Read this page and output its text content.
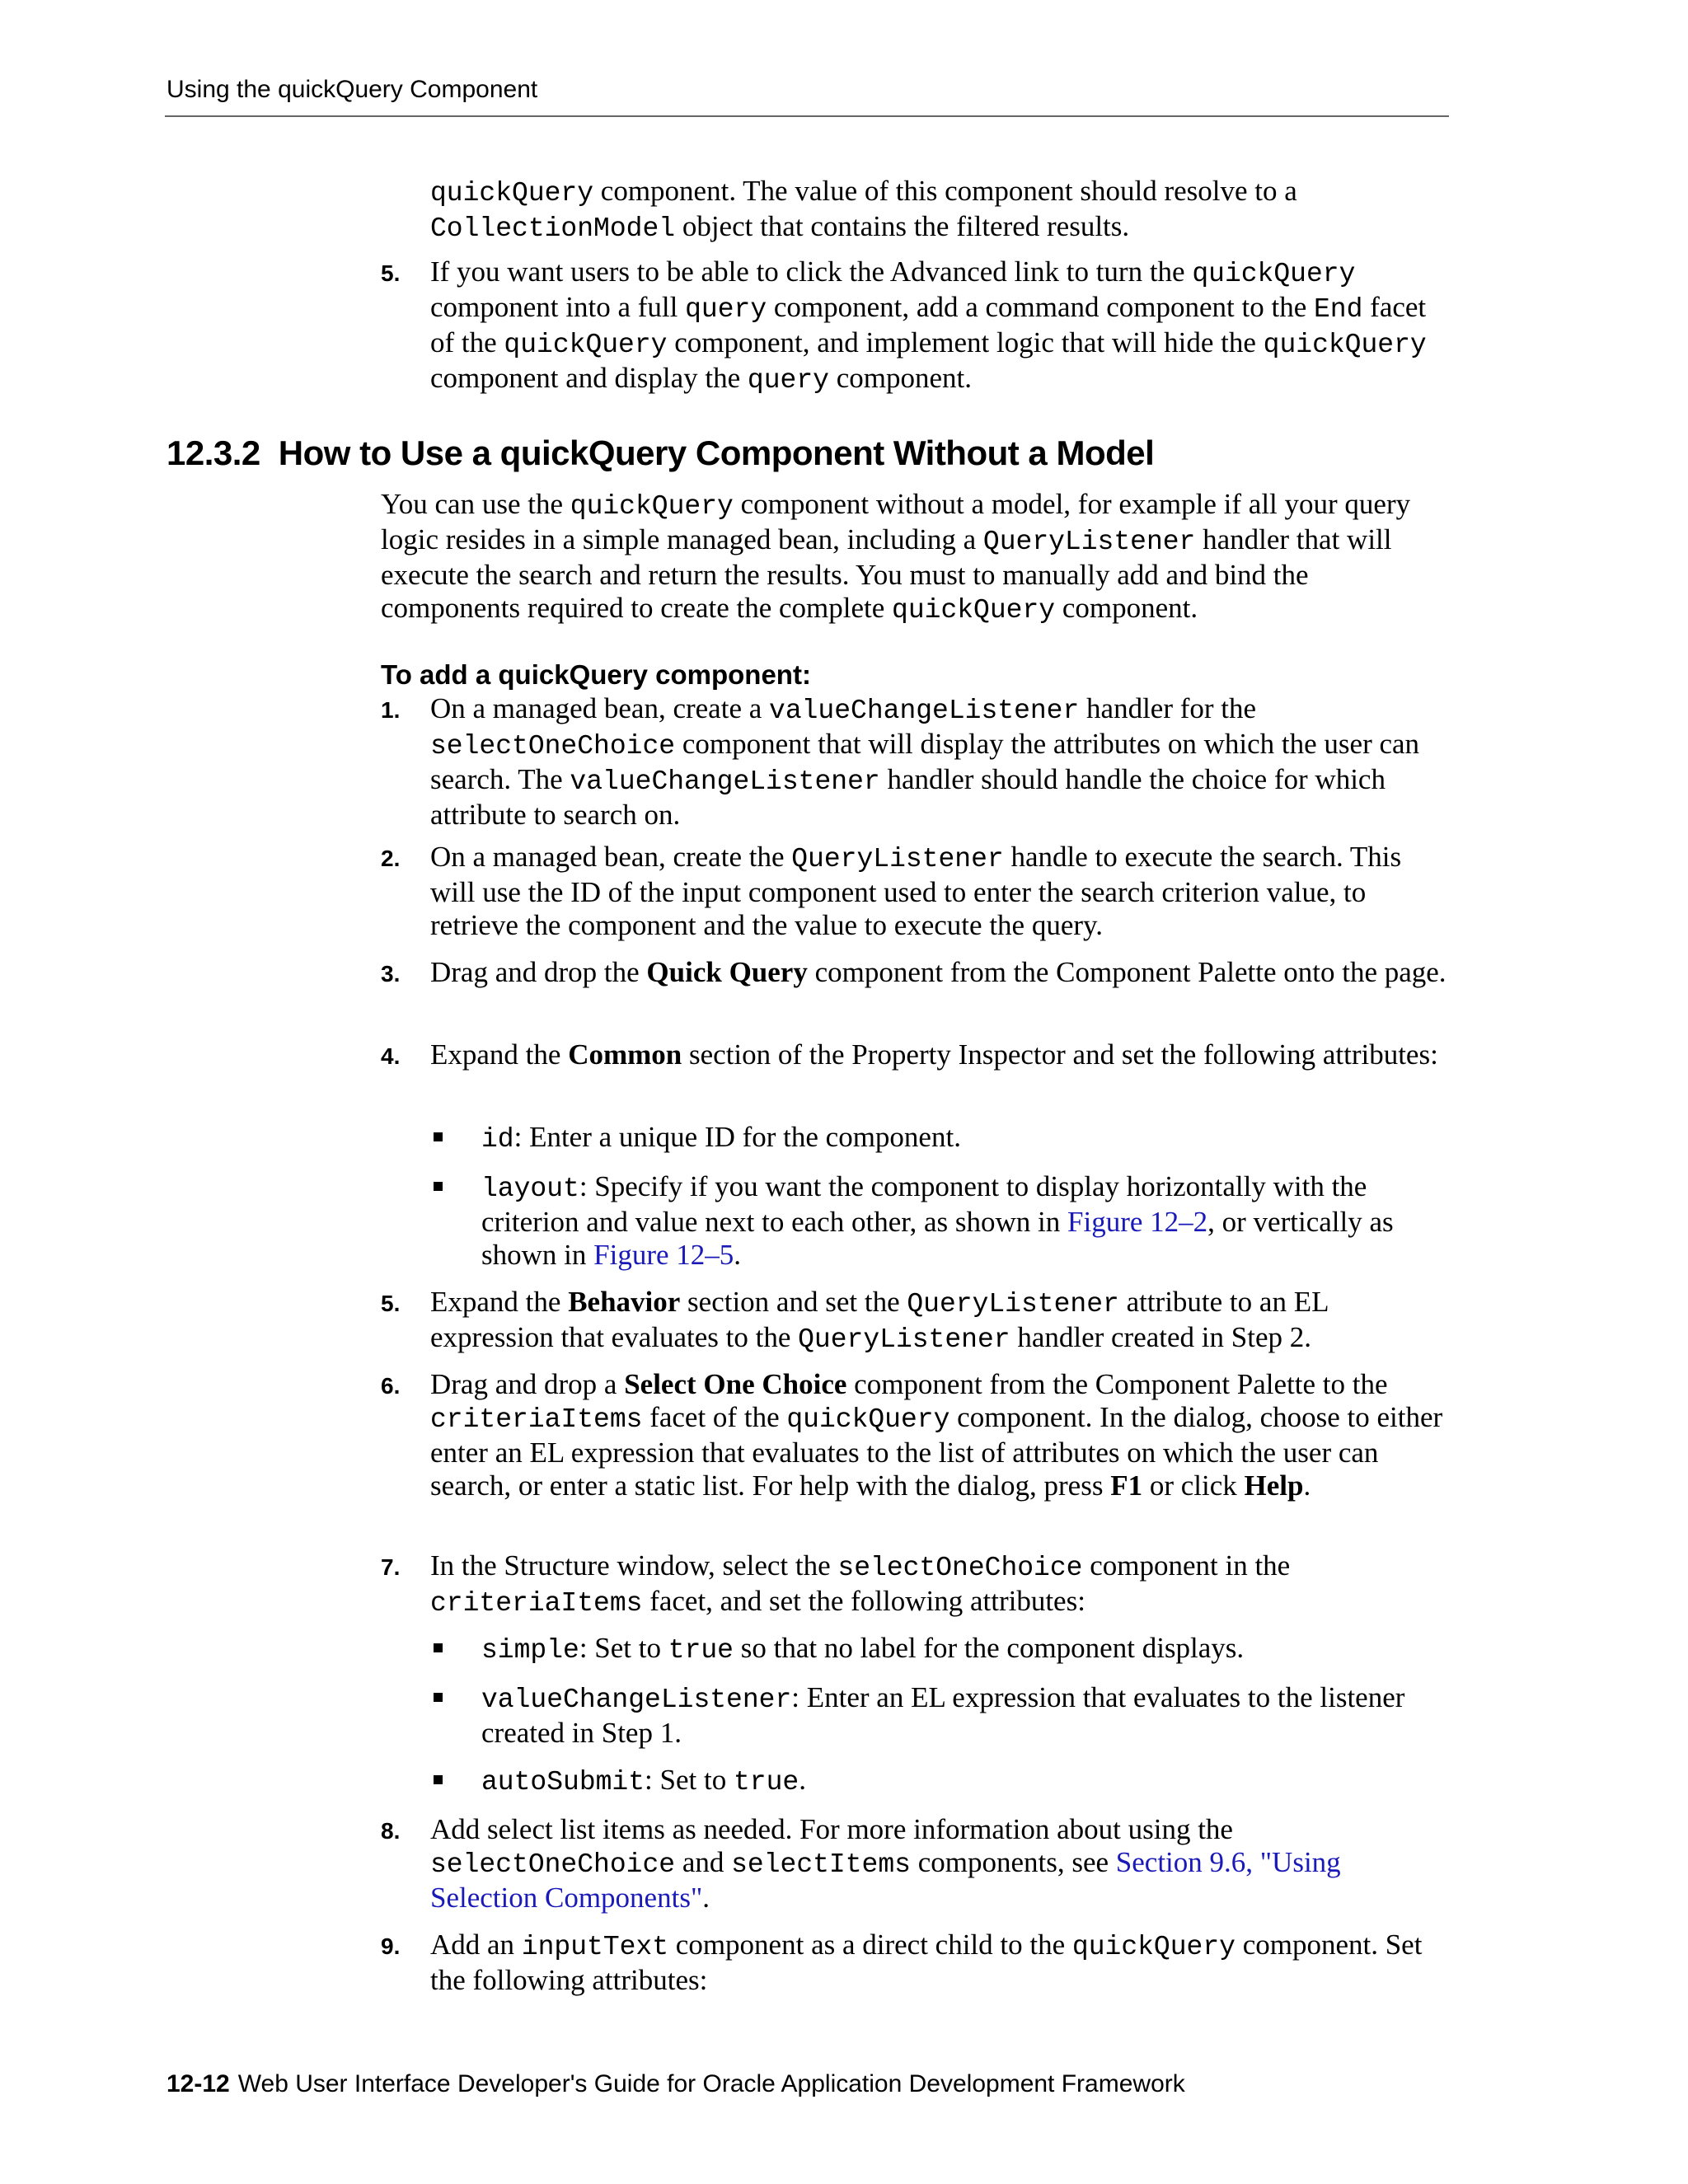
Using the quickQuery Component
quickQuery component. The value of this component should resolve to a CollectionModel object that contains the filtered results.
5. If you want users to be able to click the Advanced link to turn the quickQuery component into a full query component, add a command component to the End facet of the quickQuery component, and implement logic that will hide the quickQuery component and display the query component.
12.3.2 How to Use a quickQuery Component Without a Model
You can use the quickQuery component without a model, for example if all your query logic resides in a simple managed bean, including a QueryListener handler that will execute the search and return the results. You must to manually add and bind the components required to create the complete quickQuery component.
To add a quickQuery component:
1. On a managed bean, create a valueChangeListener handler for the selectOneChoice component that will display the attributes on which the user can search. The valueChangeListener handler should handle the choice for which attribute to search on.
2. On a managed bean, create the QueryListener handle to execute the search. This will use the ID of the input component used to enter the search criterion value, to retrieve the component and the value to execute the query.
3. Drag and drop the Quick Query component from the Component Palette onto the page.
4. Expand the Common section of the Property Inspector and set the following attributes:
id: Enter a unique ID for the component.
layout: Specify if you want the component to display horizontally with the criterion and value next to each other, as shown in Figure 12–2, or vertically as shown in Figure 12–5.
5. Expand the Behavior section and set the QueryListener attribute to an EL expression that evaluates to the QueryListener handler created in Step 2.
6. Drag and drop a Select One Choice component from the Component Palette to the criteriaItems facet of the quickQuery component. In the dialog, choose to either enter an EL expression that evaluates to the list of attributes on which the user can search, or enter a static list. For help with the dialog, press F1 or click Help.
7. In the Structure window, select the selectOneChoice component in the criteriaItems facet, and set the following attributes:
simple: Set to true so that no label for the component displays.
valueChangeListener: Enter an EL expression that evaluates to the listener created in Step 1.
autoSubmit: Set to true.
8. Add select list items as needed. For more information about using the selectOneChoice and selectItems components, see Section 9.6, "Using Selection Components".
9. Add an inputText component as a direct child to the quickQuery component. Set the following attributes:
12-12 Web User Interface Developer's Guide for Oracle Application Development Framework
